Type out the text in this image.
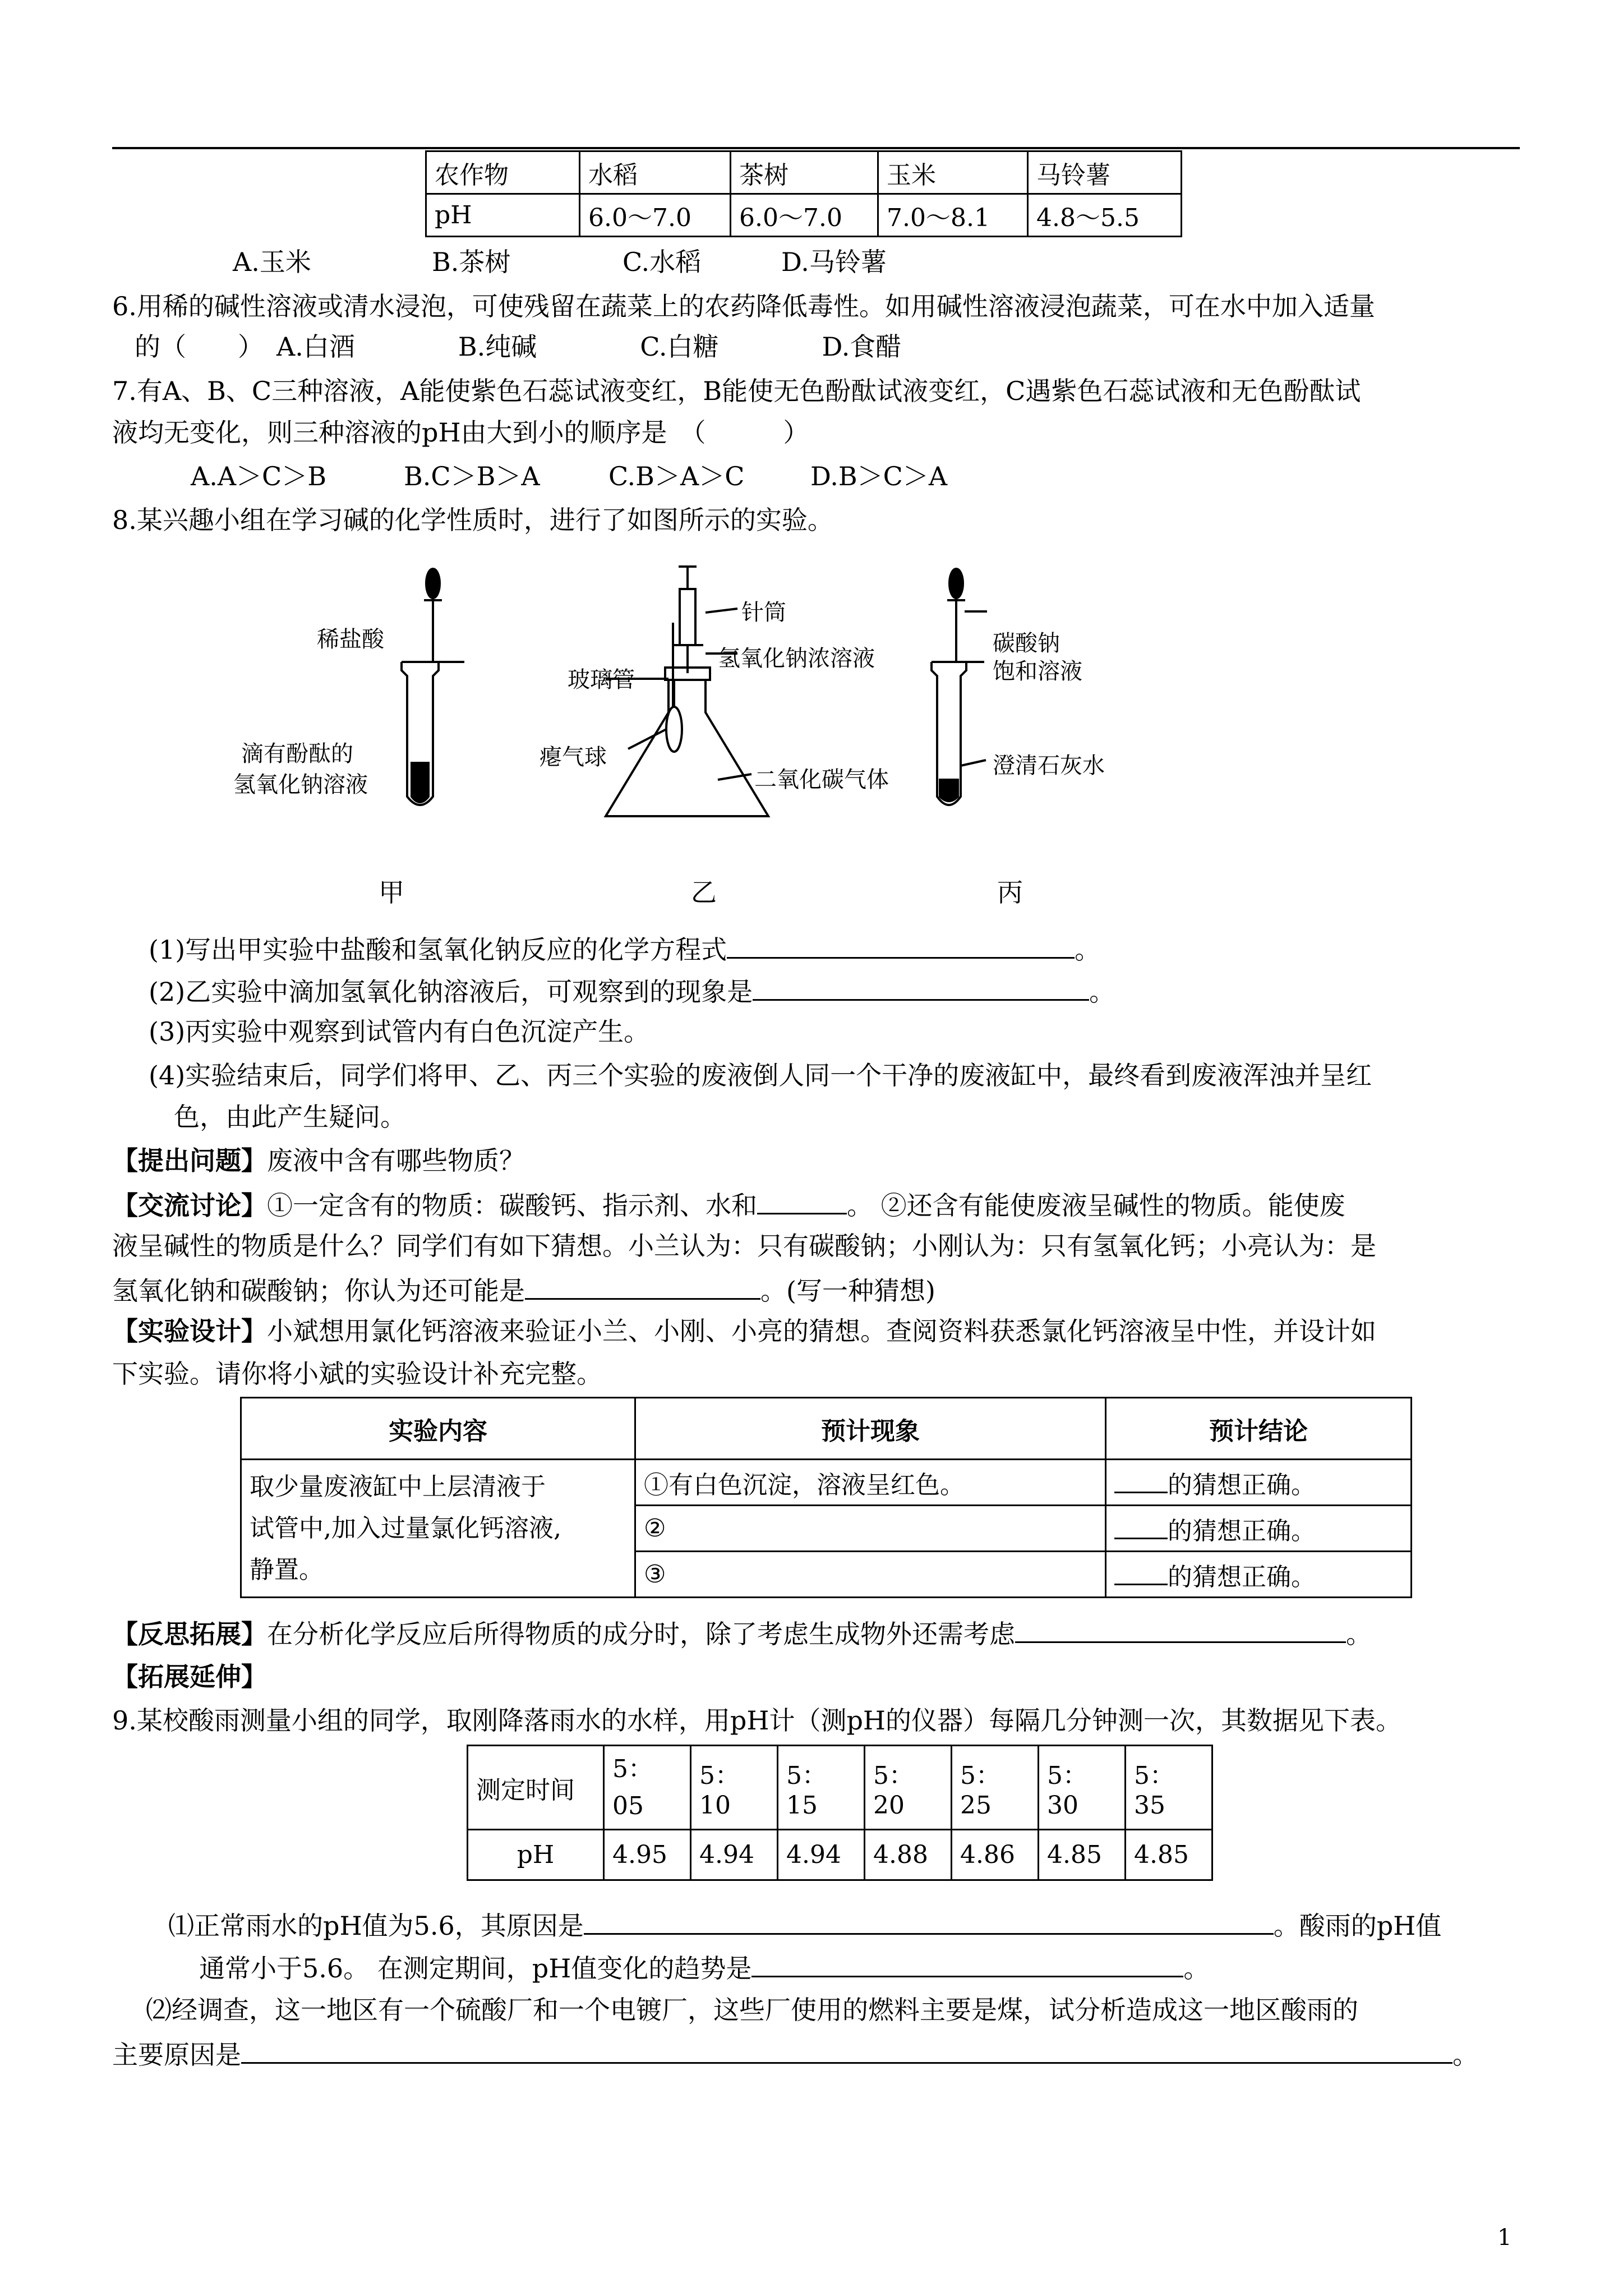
农作物	水稻	茶树	玉米	马铃薯
pH	6.0～7.0	6.0～7.0	7.0～8.1	4.8～5.5
A.玉米	B.茶树	C.水稻	D.马铃薯
6.用稀的碱性溶液或清水浸泡，可使残留在蔬菜上的农药降低毒性。如用碱性溶液浸泡蔬菜，可在水中加入适量
的（　　）　A.白酒　　　　B.纯碱　　　　C.白糖　　　　D.食醋
7.有A、B、C三种溶液，A能使紫色石蕊试液变红，B能使无色酚酞试液变红，C遇紫色石蕊试液和无色酚酞试
液均无变化，则三种溶液的pH由大到小的顺序是　（　　　）
A.A＞C＞B	B.C＞B＞A	C.B＞A＞C	D.B＞C＞A
8.某兴趣小组在学习碱的化学性质时，进行了如图所示的实验。
稀盐酸
滴有酚酞的
氢氧化钠溶液
针筒
氢氧化钠浓溶液
玻璃管
瘪气球
二氧化碳气体
碳酸钠
饱和溶液
澄清石灰水
甲	乙	丙
(1)写出甲实验中盐酸和氢氧化钠反应的化学方程式	。
(2)乙实验中滴加氢氧化钠溶液后，可观察到的现象是	。
(3)丙实验中观察到试管内有白色沉淀产生。
(4)实验结束后，同学们将甲、乙、丙三个实验的废液倒人同一个干净的废液缸中，最终看到废液浑浊并呈红
色，由此产生疑问。
【提出问题】废液中含有哪些物质？
【交流讨论】①一定含有的物质：碳酸钙、指示剂、水和	。 ②还含有能使废液呈碱性的物质。能使废
液呈碱性的物质是什么？同学们有如下猜想。小兰认为：只有碳酸钠；小刚认为：只有氢氧化钙；小亮认为：是
氢氧化钠和碳酸钠；你认为还可能是	。(写一种猜想)
【实验设计】小斌想用氯化钙溶液来验证小兰、小刚、小亮的猜想。查阅资料获悉氯化钙溶液呈中性，并设计如
下实验。请你将小斌的实验设计补充完整。
实验内容	预计现象	预计结论

取少量废液缸中上层清液于
试管中,加入过量氯化钙溶液,
静置。	①有白色沉淀，溶液呈红色。	的猜想正确。
	②	的猜想正确。
	③	的猜想正确。
【反思拓展】在分析化学反应后所得物质的成分时，除了考虑生成物外还需考虑	。
【拓展延伸】
9.某校酸雨测量小组的同学，取刚降落雨水的水样，用pH计（测pH的仪器）每隔几分钟测一次，其数据见下表。
测定时间	5：
05	5：10	5：15	5：20	5：25	5：30	5：35
pH	4.95	4.94	4.94	4.88	4.86	4.85	4.85
⑴正常雨水的pH值为5.6，其原因是	。酸雨的pH值
通常小于5.6。 在测定期间，pH值变化的趋势是	。
⑵经调查，这一地区有一个硫酸厂和一个电镀厂，这些厂使用的燃料主要是煤，试分析造成这一地区酸雨的
主要原因是	。
1
